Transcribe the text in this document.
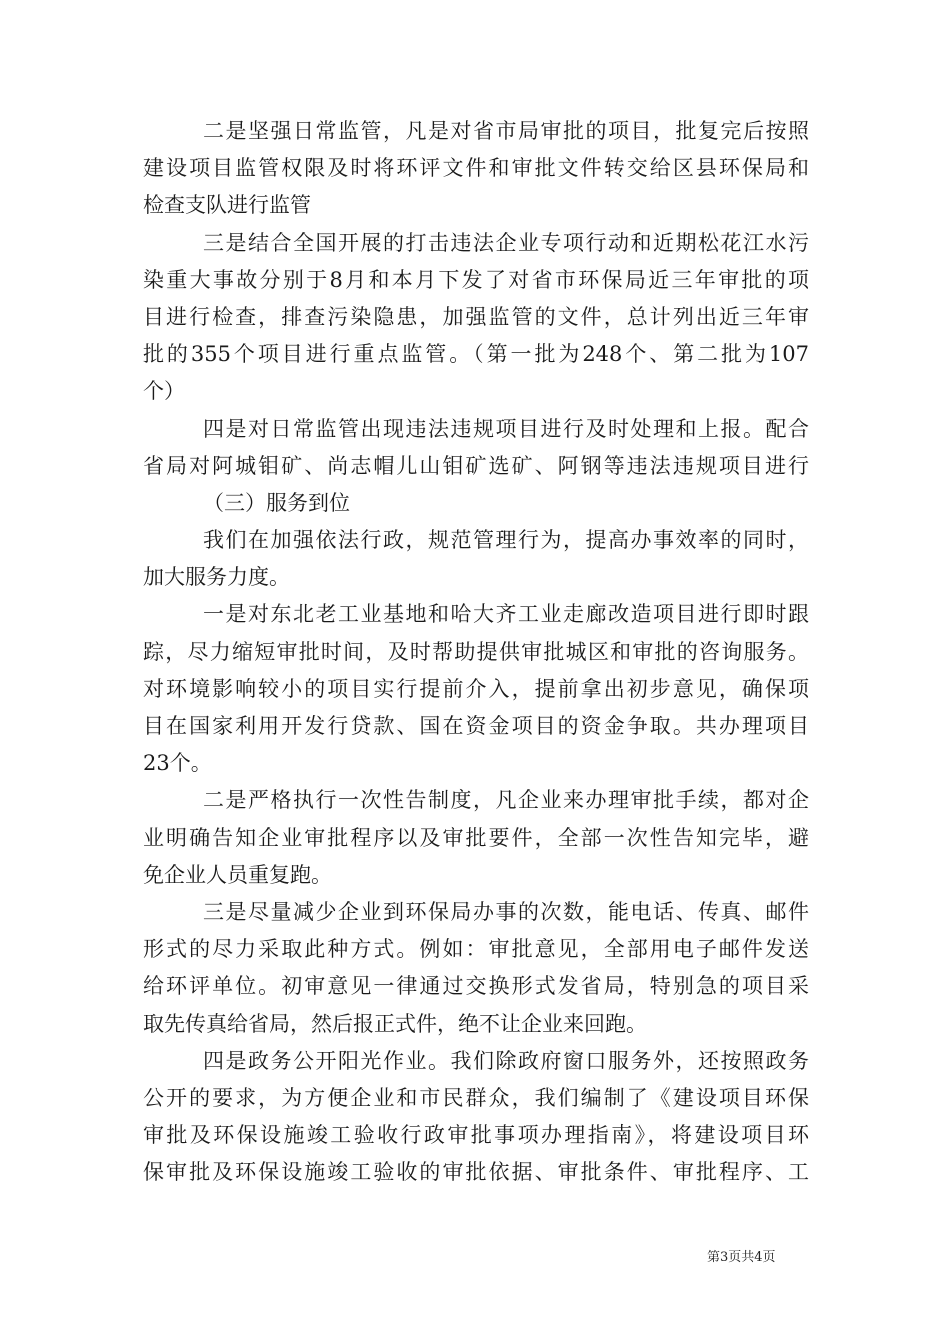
二是坚强日常监管，凡是对省市局审批的项目，批复完后按照
建设项目监管权限及时将环评文件和审批文件转交给区县环保局和
检查支队进行监管
三是结合全国开展的打击违法企业专项行动和近期松花江水污
染重大事故分别于8月和本月下发了对省市环保局近三年审批的项
目进行检查，排查污染隐患，加强监管的文件，总计列出近三年审
批的355个项目进行重点监管。（第一批为248个、第二批为107
个）
四是对日常监管出现违法违规项目进行及时处理和上报。配合
省局对阿城钼矿、尚志帽儿山钼矿选矿、阿钢等违法违规项目进行
（三）服务到位
我们在加强依法行政，规范管理行为，提高办事效率的同时，
加大服务力度。
一是对东北老工业基地和哈大齐工业走廊改造项目进行即时跟
踪，尽力缩短审批时间，及时帮助提供审批城区和审批的咨询服务。
对环境影响较小的项目实行提前介入，提前拿出初步意见，确保项
目在国家利用开发行贷款、国在资金项目的资金争取。共办理项目
23个。
二是严格执行一次性告制度，凡企业来办理审批手续，都对企
业明确告知企业审批程序以及审批要件，全部一次性告知完毕，避
免企业人员重复跑。
三是尽量减少企业到环保局办事的次数，能电话、传真、邮件
形式的尽力采取此种方式。例如：审批意见，全部用电子邮件发送
给环评单位。初审意见一律通过交换形式发省局，特别急的项目采
取先传真给省局，然后报正式件，绝不让企业来回跑。
四是政务公开阳光作业。我们除政府窗口服务外，还按照政务
公开的要求，为方便企业和市民群众，我们编制了《建设项目环保
审批及环保设施竣工验收行政审批事项办理指南》，将建设项目环
保审批及环保设施竣工验收的审批依据、审批条件、审批程序、工
第3页共4页
